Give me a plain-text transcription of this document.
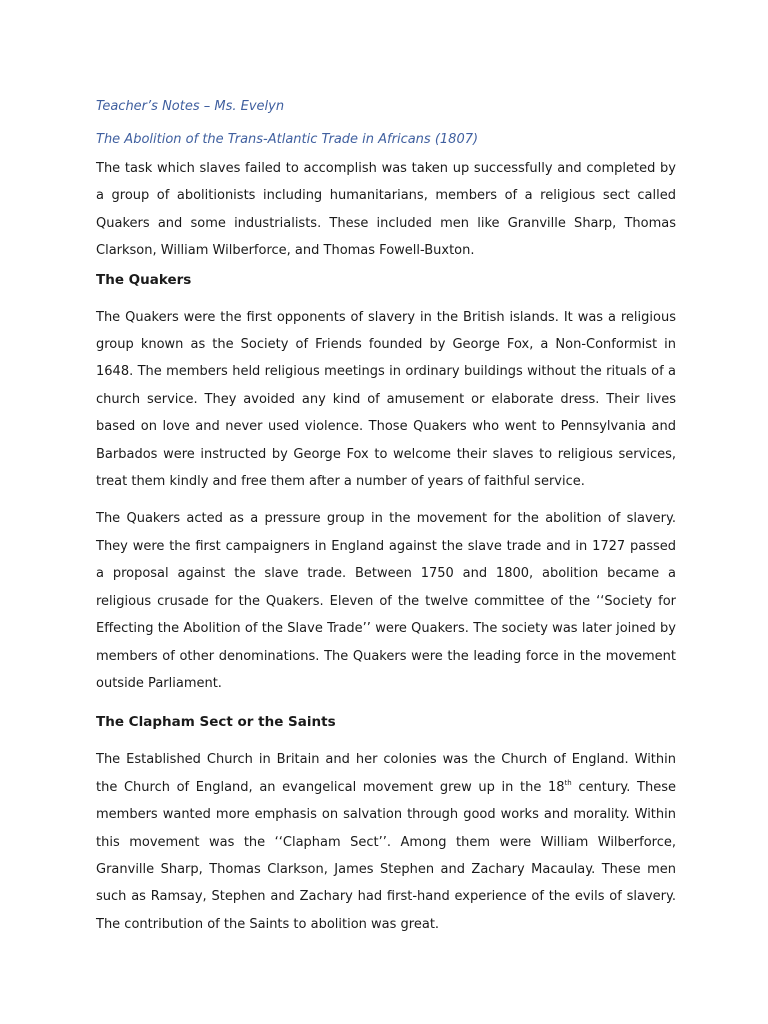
Teacher’s Notes – Ms. Evelyn

The Abolition of the Trans-Atlantic Trade in Africans (1807)

The task which slaves failed to accomplish was taken up successfully and completed by a group of abolitionists including humanitarians, members of a religious sect called Quakers and some industrialists. These included men like Granville Sharp, Thomas Clarkson, William Wilberforce, and Thomas Fowell-Buxton.

The Quakers

The Quakers were the first opponents of slavery in the British islands. It was a religious group known as the Society of Friends founded by George Fox, a Non-Conformist in 1648. The members held religious meetings in ordinary buildings without the rituals of a church service. They avoided any kind of amusement or elaborate dress. Their lives based on love and never used violence. Those Quakers who went to Pennsylvania and Barbados were instructed by George Fox to welcome their slaves to religious services, treat them kindly and free them after a number of years of faithful service.

The Quakers acted as a pressure group in the movement for the abolition of slavery. They were the first campaigners in England against the slave trade and in 1727 passed a proposal against the slave trade. Between 1750 and 1800, abolition became a religious crusade for the Quakers. Eleven of the twelve committee of the ‘‘Society for Effecting the Abolition of the Slave Trade’’ were Quakers. The society was later joined by members of other denominations. The Quakers were the leading force in the movement outside Parliament.

The Clapham Sect or the Saints

The Established Church in Britain and her colonies was the Church of England. Within the Church of England, an evangelical movement grew up in the 18th century. These members wanted more emphasis on salvation through good works and morality. Within this movement was the ‘‘Clapham Sect’’. Among them were William Wilberforce, Granville Sharp, Thomas Clarkson, James Stephen and Zachary Macaulay. These men such as Ramsay, Stephen and Zachary had first-hand experience of the evils of slavery. The contribution of the Saints to abolition was great.
